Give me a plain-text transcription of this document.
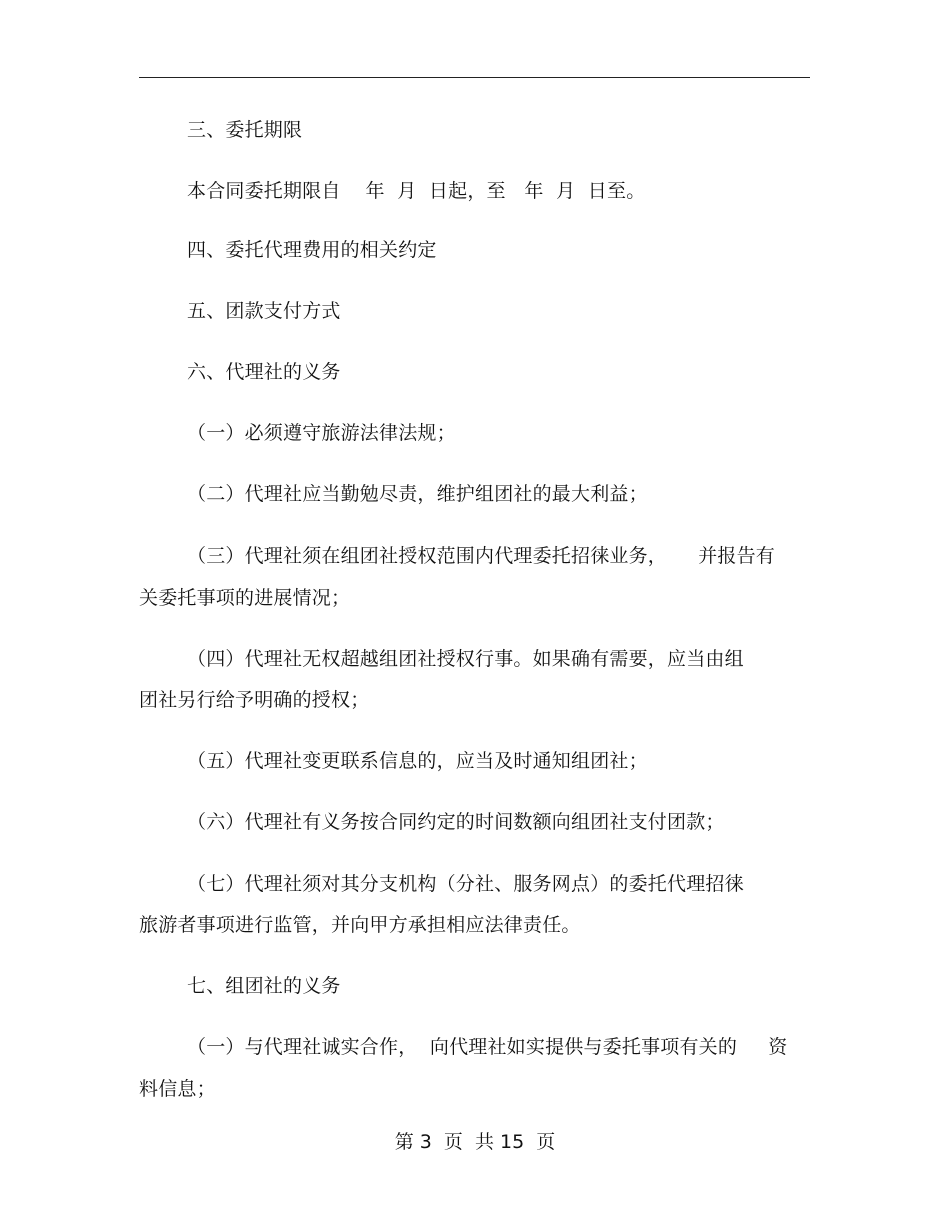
三、委托期限

本合同委托期限自    年  月  日起，至   年  月  日至。

四、委托代理费用的相关约定

五、团款支付方式

六、代理社的义务

（一）必须遵守旅游法律法规；

（二）代理社应当勤勉尽责，维护组团社的最大利益；

（三）代理社须在组团社授权范围内代理委托招徕业务，     并报告有

关委托事项的进展情况；

（四）代理社无权超越组团社授权行事。如果确有需要，应当由组

团社另行给予明确的授权；

（五）代理社变更联系信息的，应当及时通知组团社；

（六）代理社有义务按合同约定的时间数额向组团社支付团款；

（七）代理社须对其分支机构（分社、服务网点）的委托代理招徕

旅游者事项进行监管，并向甲方承担相应法律责任。

七、组团社的义务

（一）与代理社诚实合作，  向代理社如实提供与委托事项有关的     资

料信息；

第 3  页  共 15  页
